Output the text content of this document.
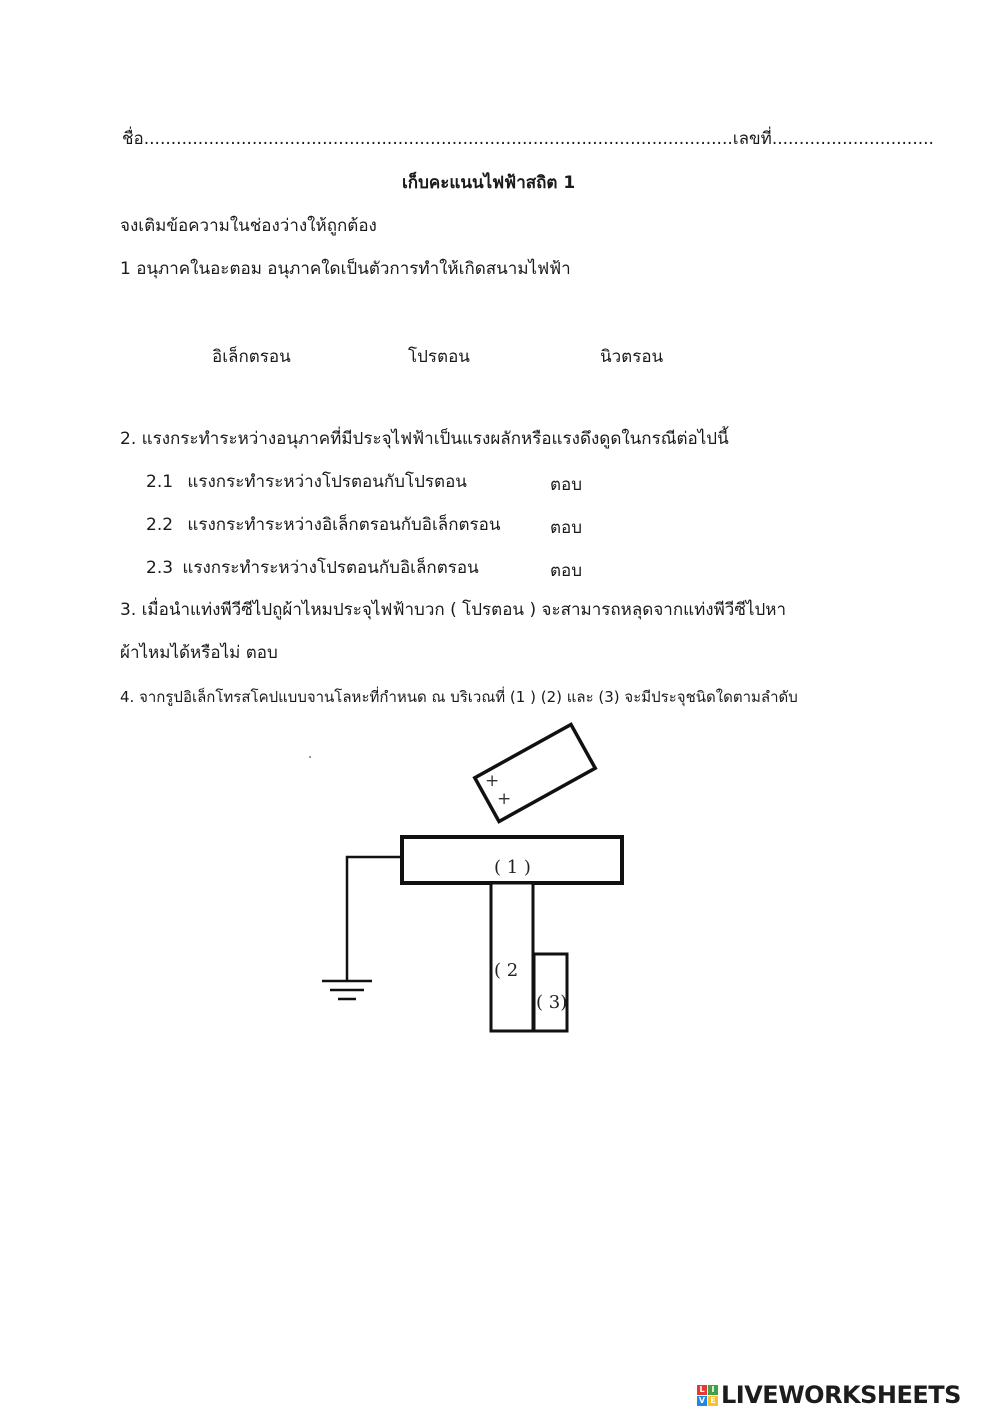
ชื่อ.............................................................................................................เลขที่..............................
เก็บคะแนนไฟฟ้าสถิต 1
จงเติมข้อความในช่องว่างให้ถูกต้อง
1 อนุภาคในอะตอม อนุภาคใดเป็นตัวการทำให้เกิดสนามไฟฟ้า
อิเล็กตรอน	โปรตอน	นิวตรอน
2. แรงกระทำระหว่างอนุภาคที่มีประจุไฟฟ้าเป็นแรงผลักหรือแรงดึงดูดในกรณีต่อไปนี้
2.1 แรงกระทำระหว่างโปรตอนกับโปรตอน	ตอบ
2.2 แรงกระทำระหว่างอิเล็กตรอนกับอิเล็กตรอน	ตอบ
2.3 แรงกระทำระหว่างโปรตอนกับอิเล็กตรอน	ตอบ
3. เมื่อนำแท่งพีวีซีไปถูผ้าไหมประจุไฟฟ้าบวก ( โปรตอน ) จะสามารถหลุดจากแท่งพีวีซีไปหา
ผ้าไหมได้หรือไม่ ตอบ
4. จากรูปอิเล็กโทรสโคปแบบจานโลหะที่กำหนด ณ บริเวณที่ (1 ) (2) และ (3) จะมีประจุชนิดใดตามลำดับ
+
+
( 1 )
( 2
( 3)
L I
V E LIVEWORKSHEETS
